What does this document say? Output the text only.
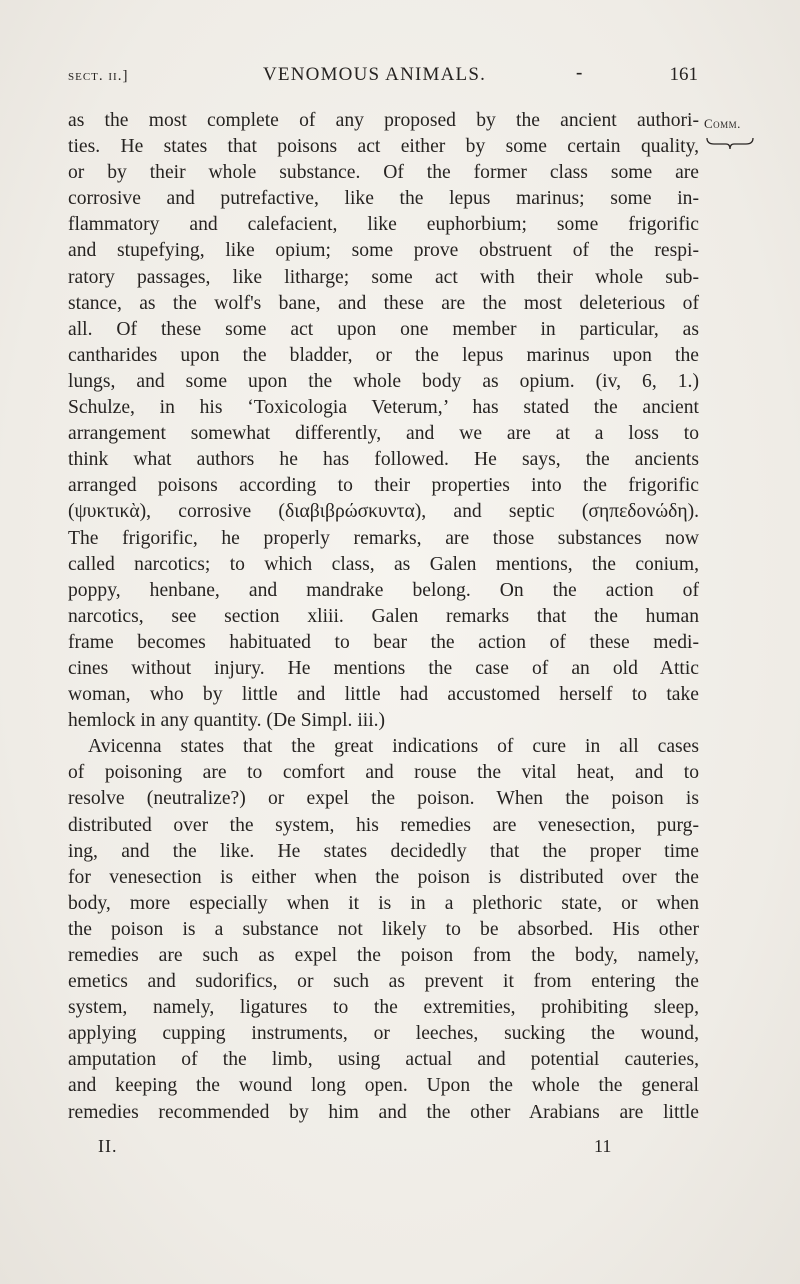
sect. ii.]	VENOMOUS ANIMALS.	-	161
Comm.
as the most complete of any proposed by the ancient authori-
ties. He states that poisons act either by some certain quality,
or by their whole substance. Of the former class some are
corrosive and putrefactive, like the lepus marinus; some in-
flammatory and calefacient, like euphorbium; some frigorific
and stupefying, like opium; some prove obstruent of the respi-
ratory passages, like litharge; some act with their whole sub-
stance, as the wolf's bane, and these are the most deleterious of
all. Of these some act upon one member in particular, as
cantharides upon the bladder, or the lepus marinus upon the
lungs, and some upon the whole body as opium. (iv, 6, 1.)
Schulze, in his ‘Toxicologia Veterum,’ has stated the ancient
arrangement somewhat differently, and we are at a loss to
think what authors he has followed. He says, the ancients
arranged poisons according to their properties into the frigorific
(ψυκτικὰ), corrosive (διαβιβρώσκυντα), and septic (σηπεδονώδη).
The frigorific, he properly remarks, are those substances now
called narcotics; to which class, as Galen mentions, the conium,
poppy, henbane, and mandrake belong. On the action of
narcotics, see section xliii. Galen remarks that the human
frame becomes habituated to bear the action of these medi-
cines without injury. He mentions the case of an old Attic
woman, who by little and little had accustomed herself to take
hemlock in any quantity. (De Simpl. iii.)
Avicenna states that the great indications of cure in all cases
of poisoning are to comfort and rouse the vital heat, and to
resolve (neutralize?) or expel the poison. When the poison is
distributed over the system, his remedies are venesection, purg-
ing, and the like. He states decidedly that the proper time
for venesection is either when the poison is distributed over the
body, more especially when it is in a plethoric state, or when
the poison is a substance not likely to be absorbed. His other
remedies are such as expel the poison from the body, namely,
emetics and sudorifics, or such as prevent it from entering the
system, namely, ligatures to the extremities, prohibiting sleep,
applying cupping instruments, or leeches, sucking the wound,
amputation of the limb, using actual and potential cauteries,
and keeping the wound long open. Upon the whole the general
remedies recommended by him and the other Arabians are little
II.	11
